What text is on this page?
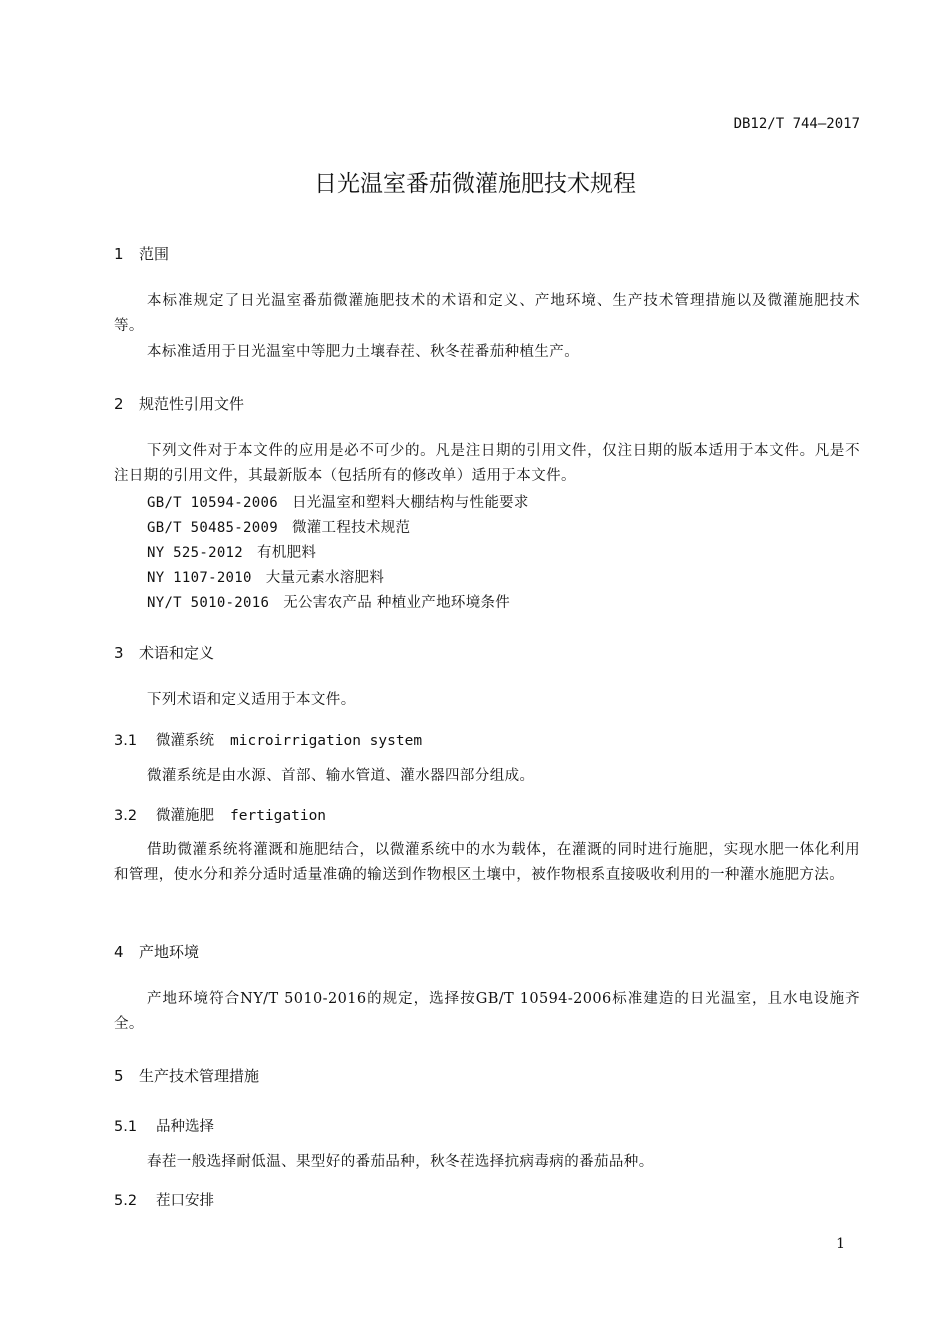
DB12/T 744—2017
日光温室番茄微灌施肥技术规程
1 范围
本标准规定了日光温室番茄微灌施肥技术的术语和定义、产地环境、生产技术管理措施以及微灌施肥技术等。
本标准适用于日光温室中等肥力土壤春茬、秋冬茬番茄种植生产。
2 规范性引用文件
下列文件对于本文件的应用是必不可少的。凡是注日期的引用文件，仅注日期的版本适用于本文件。凡是不注日期的引用文件，其最新版本（包括所有的修改单）适用于本文件。
GB/T 10594-2006 日光温室和塑料大棚结构与性能要求
GB/T 50485-2009 微灌工程技术规范
NY 525-2012 有机肥料
NY 1107-2010 大量元素水溶肥料
NY/T 5010-2016 无公害农产品 种植业产地环境条件
3 术语和定义
下列术语和定义适用于本文件。
3.1 微灌系统 microirrigation system
微灌系统是由水源、首部、输水管道、灌水器四部分组成。
3.2 微灌施肥 fertigation
借助微灌系统将灌溉和施肥结合，以微灌系统中的水为载体，在灌溉的同时进行施肥，实现水肥一体化利用和管理，使水分和养分适时适量准确的输送到作物根区土壤中，被作物根系直接吸收利用的一种灌水施肥方法。
4 产地环境
产地环境符合NY/T 5010-2016的规定，选择按GB/T 10594-2006标准建造的日光温室，且水电设施齐全。
5 生产技术管理措施
5.1 品种选择
春茬一般选择耐低温、果型好的番茄品种，秋冬茬选择抗病毒病的番茄品种。
5.2 茬口安排
1
